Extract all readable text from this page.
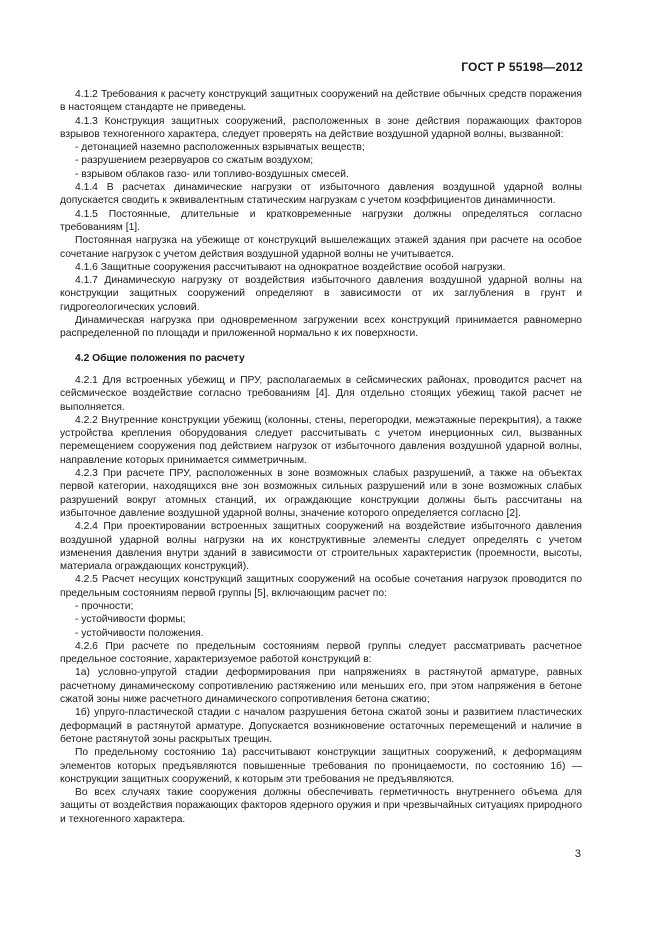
ГОСТ Р 55198—2012

4.1.2 Требования к расчету конструкций защитных сооружений на действие обычных средств поражения в настоящем стандарте не приведены.

4.1.3 Конструкция защитных сооружений, расположенных в зоне действия поражающих факторов взрывов техногенного характера, следует проверять на действие воздушной ударной волны, вызванной:

- детонацией наземно расположенных взрывчатых веществ;

- разрушением резервуаров со сжатым воздухом;

- взрывом облаков газо- или топливо-воздушных смесей.

4.1.4 В расчетах динамические нагрузки от избыточного давления воздушной ударной волны допускается сводить к эквивалентным статическим нагрузкам с учетом коэффициентов динамичности.

4.1.5 Постоянные, длительные и кратковременные нагрузки должны определяться согласно требованиям [1].

Постоянная нагрузка на убежище от конструкций вышележащих этажей здания при расчете на особое сочетание нагрузок с учетом действия воздушной ударной волны не учитывается.

4.1.6 Защитные сооружения рассчитывают на однократное воздействие особой нагрузки.

4.1.7 Динамическую нагрузку от воздействия избыточного давления воздушной ударной волны на конструкции защитных сооружений определяют в зависимости от их заглубления в грунт и гидрогеологических условий.

Динамическая нагрузка при одновременном загружении всех конструкций принимается равномерно распределенной по площади и приложенной нормально к их поверхности.

4.2 Общие положения по расчету

4.2.1 Для встроенных убежищ и ПРУ, располагаемых в сейсмических районах, проводится расчет на сейсмическое воздействие согласно требованиям [4]. Для отдельно стоящих убежищ такой расчет не выполняется.

4.2.2 Внутренние конструкции убежищ (колонны, стены, перегородки, межэтажные перекрытия), а также устройства крепления оборудования следует рассчитывать с учетом инерционных сил, вызванных перемещением сооружения под действием нагрузок от избыточного давления воздушной ударной волны, направление которых принимается симметричным.

4.2.3 При расчете ПРУ, расположенных в зоне возможных слабых разрушений, а также на объектах первой категории, находящихся вне зон возможных сильных разрушений или в зоне возможных слабых разрушений вокруг атомных станций, их ограждающие конструкции должны быть рассчитаны на избыточное давление воздушной ударной волны, значение которого определяется согласно [2].

4.2.4 При проектировании встроенных защитных сооружений на воздействие избыточного давления воздушной ударной волны нагрузки на их конструктивные элементы следует определять с учетом изменения давления внутри зданий в зависимости от строительных характеристик (проемности, высоты, материала ограждающих конструкций).

4.2.5 Расчет несущих конструкций защитных сооружений на особые сочетания нагрузок проводится по предельным состояниям первой группы [5], включающим расчет по:

- прочности;

- устойчивости формы;

- устойчивости положения.

4.2.6 При расчете по предельным состояниям первой группы следует рассматривать расчетное предельное состояние, характеризуемое работой конструкций в:

1а) условно-упругой стадии деформирования при напряжениях в растянутой арматуре, равных расчетному динамическому сопротивлению растяжению или меньших его, при этом напряжения в бетоне сжатой зоны ниже расчетного динамического сопротивления бетона сжатию;

1б) упруго-пластической стадии с началом разрушения бетона сжатой зоны и развитием пластических деформаций в растянутой арматуре. Допускается возникновение остаточных перемещений и наличие в бетоне растянутой зоны раскрытых трещин.

По предельному состоянию 1а) рассчитывают конструкции защитных сооружений, к деформациям элементов которых предъявляются повышенные требования по проницаемости, по состоянию 1б) — конструкции защитных сооружений, к которым эти требования не предъявляются.

Во всех случаях такие сооружения должны обеспечивать герметичность внутреннего объема для защиты от воздействия поражающих факторов ядерного оружия и при чрезвычайных ситуациях природного и техногенного характера.

3
